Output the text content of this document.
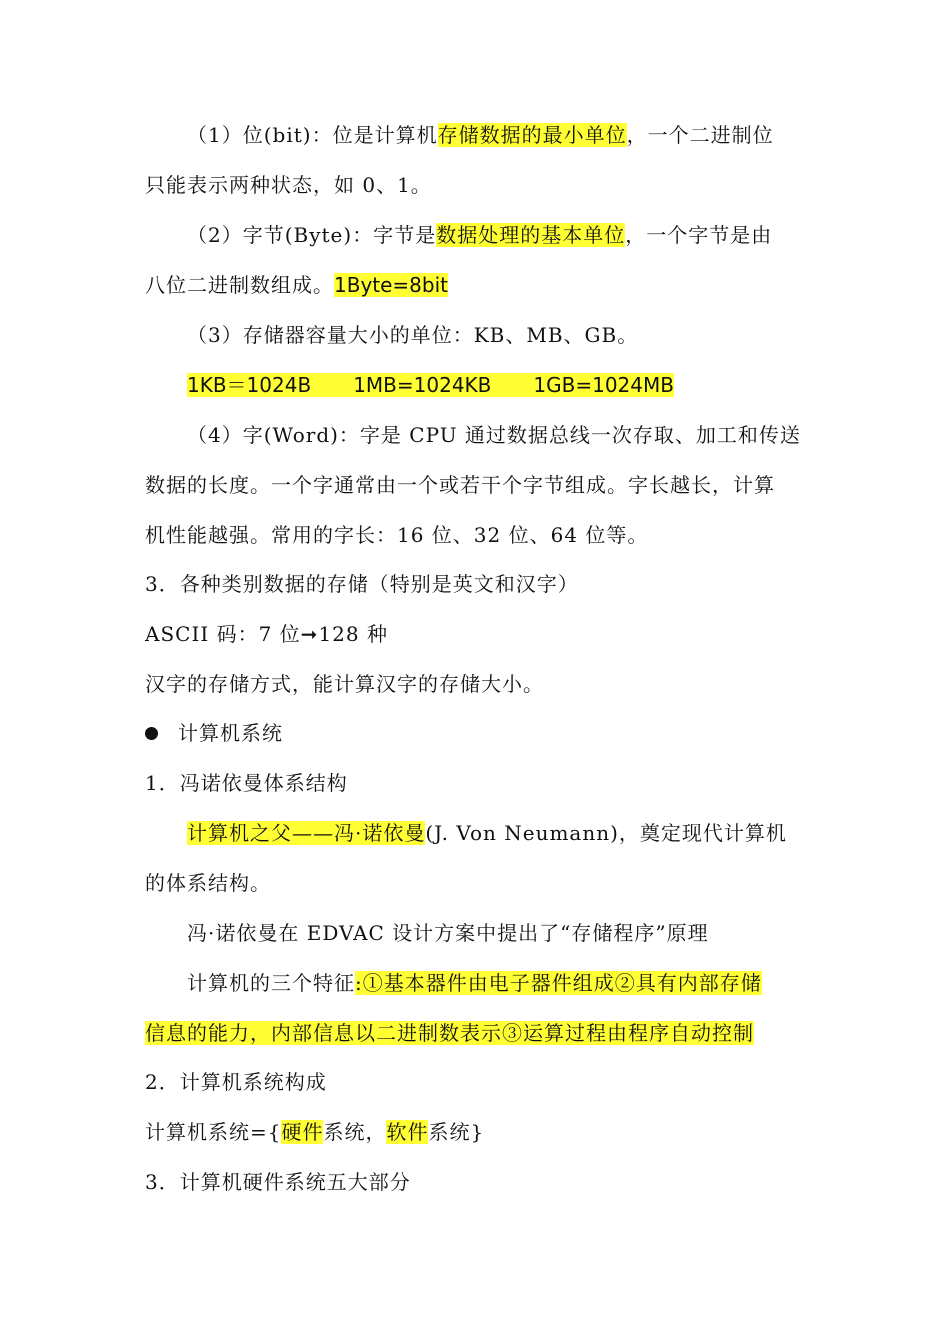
（1）位(bit)：位是计算机存储数据的最小单位，一个二进制位
只能表示两种状态，如 0、1。
（2）字节(Byte)：字节是数据处理的基本单位，一个字节是由
八位二进制数组成。1Byte=8bit
（3）存储器容量大小的单位：KB、MB、GB。
1KB＝1024B 1MB=1024KB 1GB=1024MB
（4）字(Word)：字是 CPU 通过数据总线一次存取、加工和传送
数据的长度。一个字通常由一个或若干个字节组成。字长越长，计算
机性能越强。常用的字长：16 位、32 位、64 位等。
3．各种类别数据的存储（特别是英文和汉字）
ASCII 码：7 位➞128 种
汉字的存储方式，能计算汉字的存储大小。
计算机系统
1．冯诺依曼体系结构
计算机之父——冯·诺依曼(J. Von Neumann)，奠定现代计算机
的体系结构。
冯·诺依曼在 EDVAC 设计方案中提出了“存储程序”原理
计算机的三个特征:①基本器件由电子器件组成②具有内部存储
信息的能力，内部信息以二进制数表示③运算过程由程序自动控制
2．计算机系统构成
计算机系统={硬件系统，软件系统}
3．计算机硬件系统五大部分
